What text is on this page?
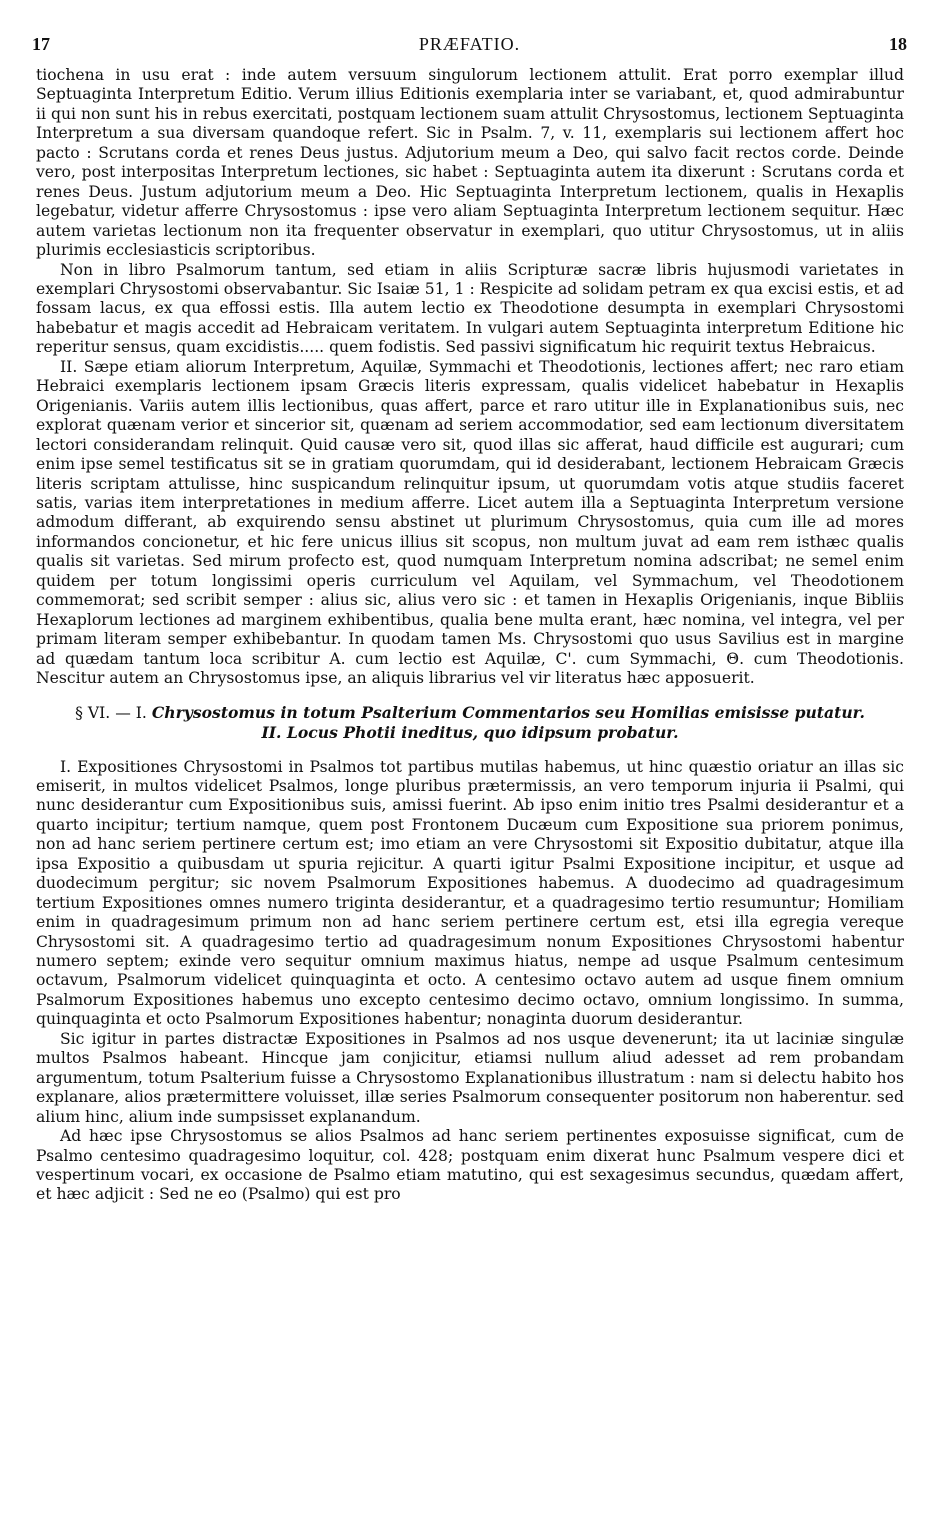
17	PRÆFATIO.	18

tiochena in usu erat : inde autem versuum singulorum lectionem attulit. Erat porro exemplar illud Septuaginta Interpretum Editio. Verum illius Editionis exemplaria inter se variabant, et, quod admirabuntur ii qui non sunt his in rebus exercitati, postquam lectionem suam attulit Chrysostomus, lectionem Septuaginta Interpretum a sua diversam quandoque refert. Sic in Psalm. 7, v. 11, exemplaris sui lectionem affert hoc pacto : Scrutans corda et renes Deus justus. Adjutorium meum a Deo, qui salvo facit rectos corde. Deinde vero, post interpositas Interpretum lectiones, sic habet : Septuaginta autem ita dixerunt : Scrutans corda et renes Deus. Justum adjutorium meum a Deo. Hic Septuaginta Interpretum lectionem, qualis in Hexaplis legebatur, videtur afferre Chrysostomus : ipse vero aliam Septuaginta Interpretum lectionem sequitur. Hæc autem varietas lectionum non ita frequenter observatur in exemplari, quo utitur Chrysostomus, ut in aliis plurimis ecclesiasticis scriptoribus.

Non in libro Psalmorum tantum, sed etiam in aliis Scripturæ sacræ libris hujusmodi varietates in exemplari Chrysostomi observabantur. Sic Isaiæ 51, 1 : Respicite ad solidam petram ex qua excisi estis, et ad fossam lacus, ex qua effossi estis. Illa autem lectio ex Theodotione desumpta in exemplari Chrysostomi habebatur et magis accedit ad Hebraicam veritatem. In vulgari autem Septuaginta interpretum Editione hic reperitur sensus, quam excidistis..... quem fodistis. Sed passivi significatum hic requirit textus Hebraicus.

II. Sæpe etiam aliorum Interpretum, Aquilæ, Symmachi et Theodotionis, lectiones affert; nec raro etiam Hebraici exemplaris lectionem ipsam Græcis literis expressam, qualis videlicet habebatur in Hexaplis Origenianis. Variis autem illis lectionibus, quas affert, parce et raro utitur ille in Explanationibus suis, nec explorat quænam verior et sincerior sit, quænam ad seriem accommodatior, sed eam lectionum diversitatem lectori considerandam relinquit. Quid causæ vero sit, quod illas sic afferat, haud difficile est augurari; cum enim ipse semel testificatus sit se in gratiam quorumdam, qui id desiderabant, lectionem Hebraicam Græcis literis scriptam attulisse, hinc suspicandum relinquitur ipsum, ut quorumdam votis atque studiis faceret satis, varias item interpretationes in medium afferre. Licet autem illa a Septuaginta Interpretum versione admodum differant, ab exquirendo sensu abstinet ut plurimum Chrysostomus, quia cum ille ad mores informandos concionetur, et hic fere unicus illius sit scopus, non multum juvat ad eam rem isthæc qualis qualis sit varietas. Sed mirum profecto est, quod numquam Interpretum nomina adscribat; ne semel enim quidem per totum longissimi operis curriculum vel Aquilam, vel Symmachum, vel Theodotionem commemorat; sed scribit semper : alius sic, alius vero sic : et tamen in Hexaplis Origenianis, inque Bibliis Hexaplorum lectiones ad marginem exhibentibus, qualia bene multa erant, hæc nomina, vel integra, vel per primam literam semper exhibebantur. In quodam tamen Ms. Chrysostomi quo usus Savilius est in margine ad quædam tantum loca scribitur A. cum lectio est Aquilæ, C'. cum Symmachi, Θ. cum Theodotionis. Nescitur autem an Chrysostomus ipse, an aliquis librarius vel vir literatus hæc apposuerit.

§ VI. — I. Chrysostomus in totum Psalterium Commentarios seu Homilias emisisse putatur.
II. Locus Photii ineditus, quo idipsum probatur.

I. Expositiones Chrysostomi in Psalmos tot partibus mutilas habemus, ut hinc quæstio oriatur an illas sic emiserit, in multos videlicet Psalmos, longe pluribus prætermissis, an vero temporum injuria ii Psalmi, qui nunc desiderantur cum Expositionibus suis, amissi fuerint. Ab ipso enim initio tres Psalmi desiderantur et a quarto incipitur; tertium namque, quem post Frontonem Ducæum cum Expositione sua priorem ponimus, non ad hanc seriem pertinere certum est; imo etiam an vere Chrysostomi sit Expositio dubitatur, atque illa ipsa Expositio a quibusdam ut spuria rejicitur. A quarti igitur Psalmi Expositione incipitur, et usque ad duodecimum pergitur; sic novem Psalmorum Expositiones habemus. A duodecimo ad quadragesimum tertium Expositiones omnes numero triginta desiderantur, et a quadragesimo tertio resumuntur; Homiliam enim in quadragesimum primum non ad hanc seriem pertinere certum est, etsi illa egregia vereque Chrysostomi sit. A quadragesimo tertio ad quadragesimum nonum Expositiones Chrysostomi habentur numero septem; exinde vero sequitur omnium maximus hiatus, nempe ad usque Psalmum centesimum octavum, Psalmorum videlicet quinquaginta et octo. A centesimo octavo autem ad usque finem omnium Psalmorum Expositiones habemus uno excepto centesimo decimo octavo, omnium longissimo. In summa, quinquaginta et octo Psalmorum Expositiones habentur; nonaginta duorum desiderantur.

Sic igitur in partes distractæ Expositiones in Psalmos ad nos usque devenerunt; ita ut laciniæ singulæ multos Psalmos habeant. Hincque jam conjicitur, etiamsi nullum aliud adesset ad rem probandam argumentum, totum Psalterium fuisse a Chrysostomo Explanationibus illustratum : nam si delectu habito hos explanare, alios prætermittere voluisset, illæ series Psalmorum consequenter positorum non haberentur. sed alium hinc, alium inde sumpsisset explanandum.

Ad hæc ipse Chrysostomus se alios Psalmos ad hanc seriem pertinentes exposuisse significat, cum de Psalmo centesimo quadragesimo loquitur, col. 428; postquam enim dixerat hunc Psalmum vespere dici et vespertinum vocari, ex occasione de Psalmo etiam matutino, qui est sexagesimus secundus, quædam affert, et hæc adjicit : Sed ne eo (Psalmo) qui est pro
